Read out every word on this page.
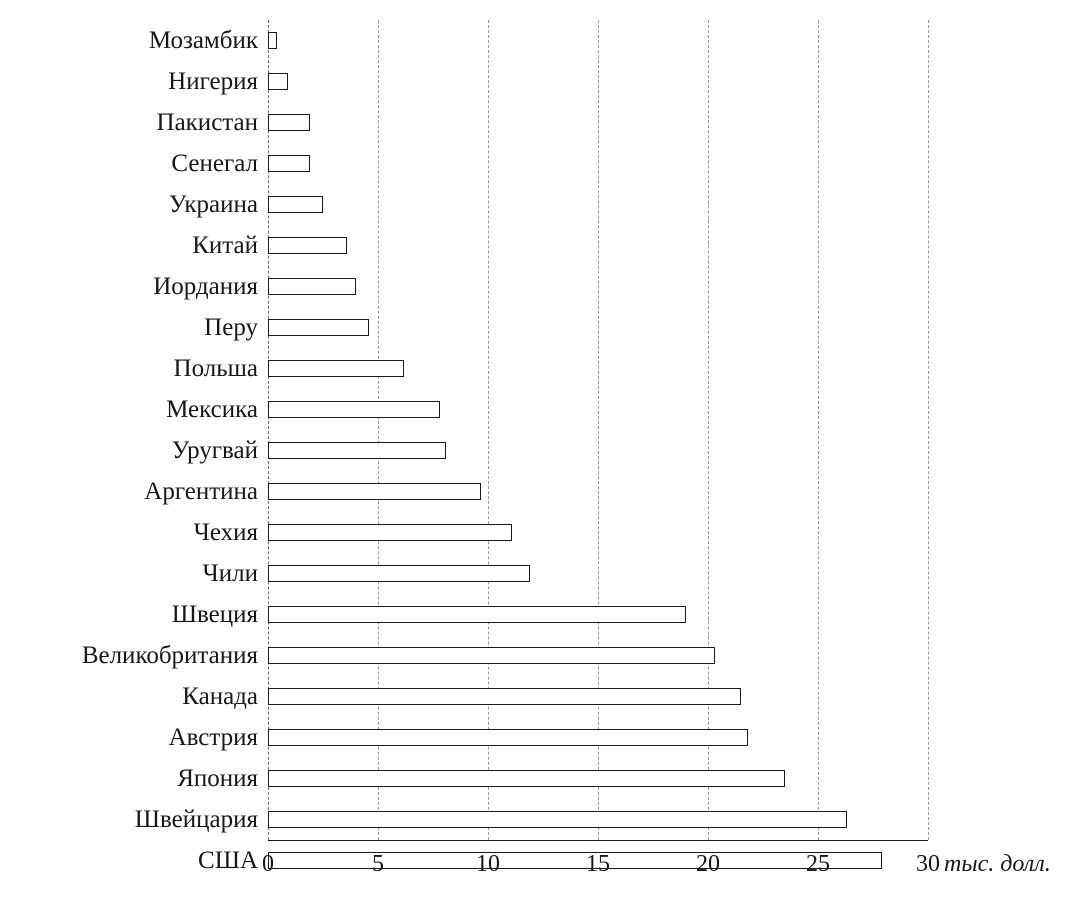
Мозамбик
Нигерия
Пакистан
Сенегал
Украина
Китай
Иордания
Перу
Польша
Мексика
Уругвай
Аргентина
Чехия
Чили
Швеция
Великобритания
Канада
Австрия
Япония
Швейцария
США 0	5	10	15	20	25	30 тыс. долл.
